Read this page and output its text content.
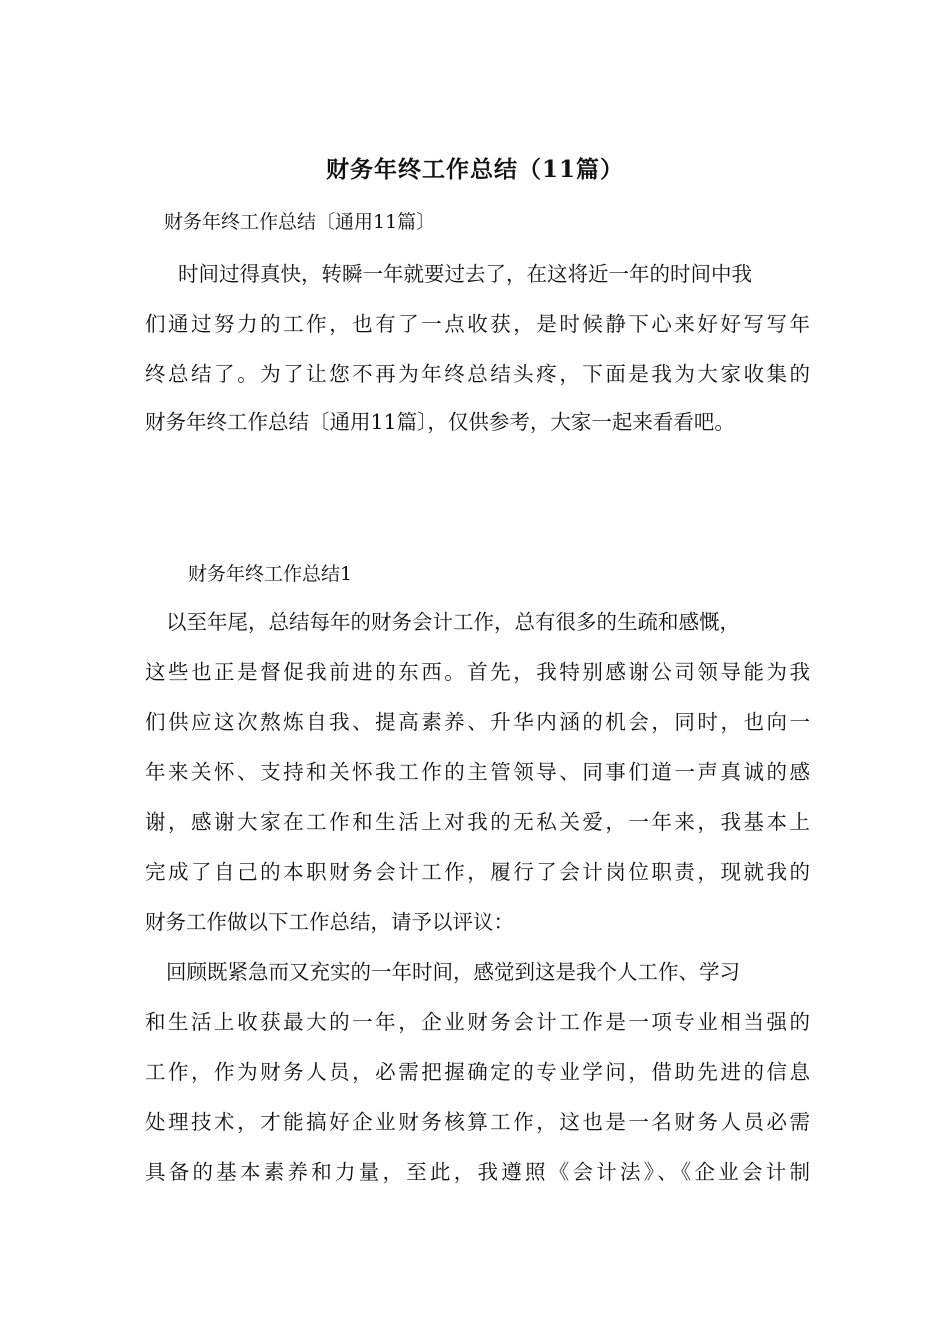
财务年终工作总结（11篇）

财务年终工作总结〔通用11篇〕

时间过得真快，转瞬一年就要过去了，在这将近一年的时间中我

们通过努力的工作，也有了一点收获，是时候静下心来好好写写年

终总结了。为了让您不再为年终总结头疼，下面是我为大家收集的

财务年终工作总结〔通用11篇〕，仅供参考，大家一起来看看吧。

财务年终工作总结1

以至年尾，总结每年的财务会计工作，总有很多的生疏和感慨，

这些也正是督促我前进的东西。首先，我特别感谢公司领导能为我

们供应这次熬炼自我、提高素养、升华内涵的机会，同时，也向一

年来关怀、支持和关怀我工作的主管领导、同事们道一声真诚的感

谢，感谢大家在工作和生活上对我的无私关爱，一年来，我基本上

完成了自己的本职财务会计工作，履行了会计岗位职责，现就我的

财务工作做以下工作总结，请予以评议：

回顾既紧急而又充实的一年时间，感觉到这是我个人工作、学习

和生活上收获最大的一年，企业财务会计工作是一项专业相当强的

工作，作为财务人员，必需把握确定的专业学问，借助先进的信息

处理技术，才能搞好企业财务核算工作，这也是一名财务人员必需

具备的基本素养和力量，至此，我遵照《会计法》、《企业会计制
